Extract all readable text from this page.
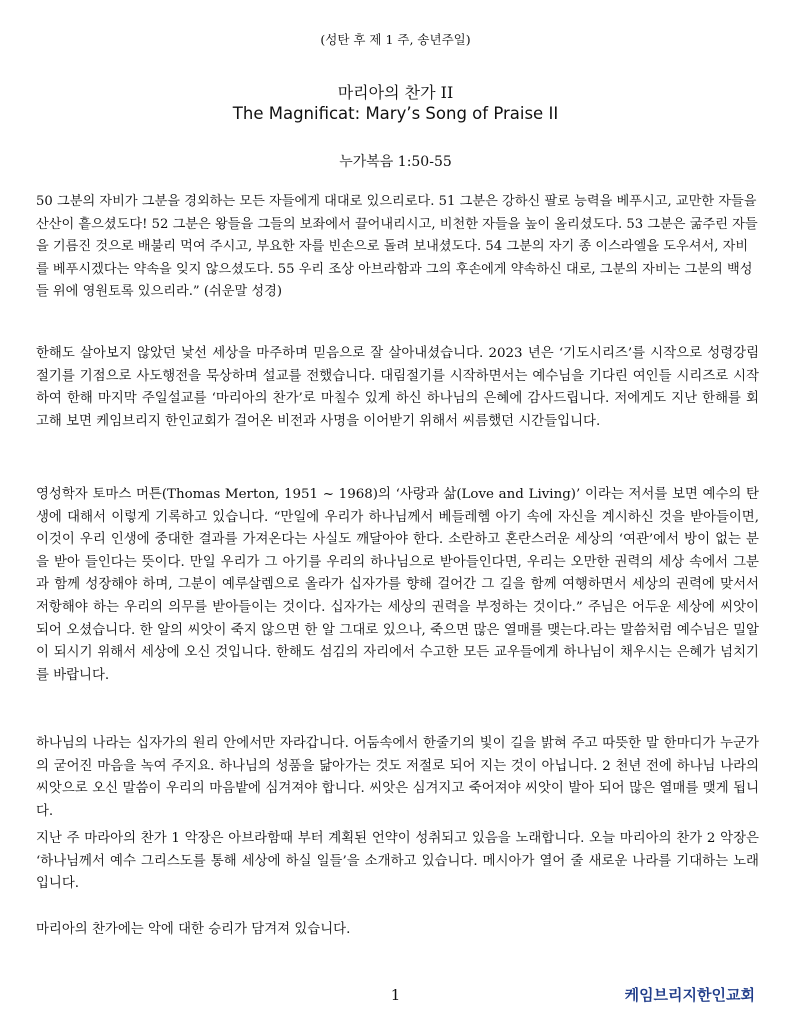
(성탄 후 제 1 주, 송년주일)
마리아의 찬가 II
The Magnificat: Mary’s Song of Praise II
누가복음 1:50-55

50 그분의 자비가 그분을 경외하는 모든 자들에게 대대로 있으리로다. 51 그분은 강하신 팔로 능력을 베푸시고, 교만한 자들을 산산이 흩으셨도다! 52 그분은 왕들을 그들의 보좌에서 끌어내리시고, 비천한 자들을 높이 올리셨도다. 53 그분은 굶주린 자들을 기름진 것으로 배불리 먹여 주시고, 부요한 자를 빈손으로 돌려 보내셨도다. 54 그분의 자기 종 이스라엘을 도우셔서, 자비를 베푸시겠다는 약속을 잊지 않으셨도다. 55 우리 조상 아브라함과 그의 후손에게 약속하신 대로, 그분의 자비는 그분의 백성들 위에 영원토록 있으리라.” (쉬운말 성경)

한해도 살아보지 않았던 낯선 세상을 마주하며 믿음으로 잘 살아내셨습니다. 2023 년은 ‘기도시리즈’를 시작으로 성령강림절기를 기점으로 사도행전을 묵상하며 설교를 전했습니다. 대림절기를 시작하면서는 예수님을 기다린 여인들 시리즈로 시작하여 한해 마지막 주일설교를 ‘마리아의 찬가’로 마칠수 있게 하신 하나님의 은혜에 감사드립니다. 저에게도 지난 한해를 회고해 보면 케임브리지 한인교회가 걸어온 비전과 사명을 이어받기 위해서 씨름했던 시간들입니다.

영성학자 토마스 머튼(Thomas Merton, 1951 ~ 1968)의 ‘사랑과 삶(Love and Living)’ 이라는 저서를 보면 예수의 탄생에 대해서 이렇게 기록하고 있습니다. “만일에 우리가 하나님께서 베들레헴 아기 속에 자신을 계시하신 것을 받아들이면, 이것이 우리 인생에 중대한 결과를 가져온다는 사실도 깨달아야 한다. 소란하고 혼란스러운 세상의 ‘여관’에서 방이 없는 분을 받아 들인다는 뜻이다. 만일 우리가 그 아기를 우리의 하나님으로 받아들인다면, 우리는 오만한 권력의 세상 속에서 그분과 함께 성장해야 하며, 그분이 예루살렘으로 올라가 십자가를 향해 걸어간 그 길을 함께 여행하면서 세상의 권력에 맞서서 저항해야 하는 우리의 의무를 받아들이는 것이다. 십자가는 세상의 권력을 부정하는 것이다.” 주님은 어두운 세상에 씨앗이 되어 오셨습니다. 한 알의 씨앗이 죽지 않으면 한 알 그대로 있으나, 죽으면 많은 열매를 맺는다.라는 말씀처럼 예수님은 밀알이 되시기 위해서 세상에 오신 것입니다. 한해도 섬김의 자리에서 수고한 모든 교우들에게 하나님이 채우시는 은혜가 넘치기를 바랍니다.

하나님의 나라는 십자가의 원리 안에서만 자라갑니다. 어둠속에서 한줄기의 빛이 길을 밝혀 주고 따뜻한 말 한마디가 누군가의 굳어진 마음을 녹여 주지요. 하나님의 성품을 닮아가는 것도 저절로 되어 지는 것이 아닙니다. 2 천년 전에 하나님 나라의 씨앗으로 오신 말씀이 우리의 마음밭에 심겨져야 합니다. 씨앗은 심겨지고 죽어져야 씨앗이 발아 되어 많은 열매를 맺게 됩니다.

지난 주 마라아의 찬가 1 악장은 아브라함때 부터 계획된 언약이 성취되고 있음을 노래합니다. 오늘 마리아의 찬가 2 악장은 ‘하나님께서 예수 그리스도를 통해 세상에 하실 일들’을 소개하고 있습니다. 메시아가 열어 줄 새로운 나라를 기대하는 노래입니다.

마리아의 찬가에는 악에 대한 승리가 담겨져 있습니다.

1	케임브리지한인교회
